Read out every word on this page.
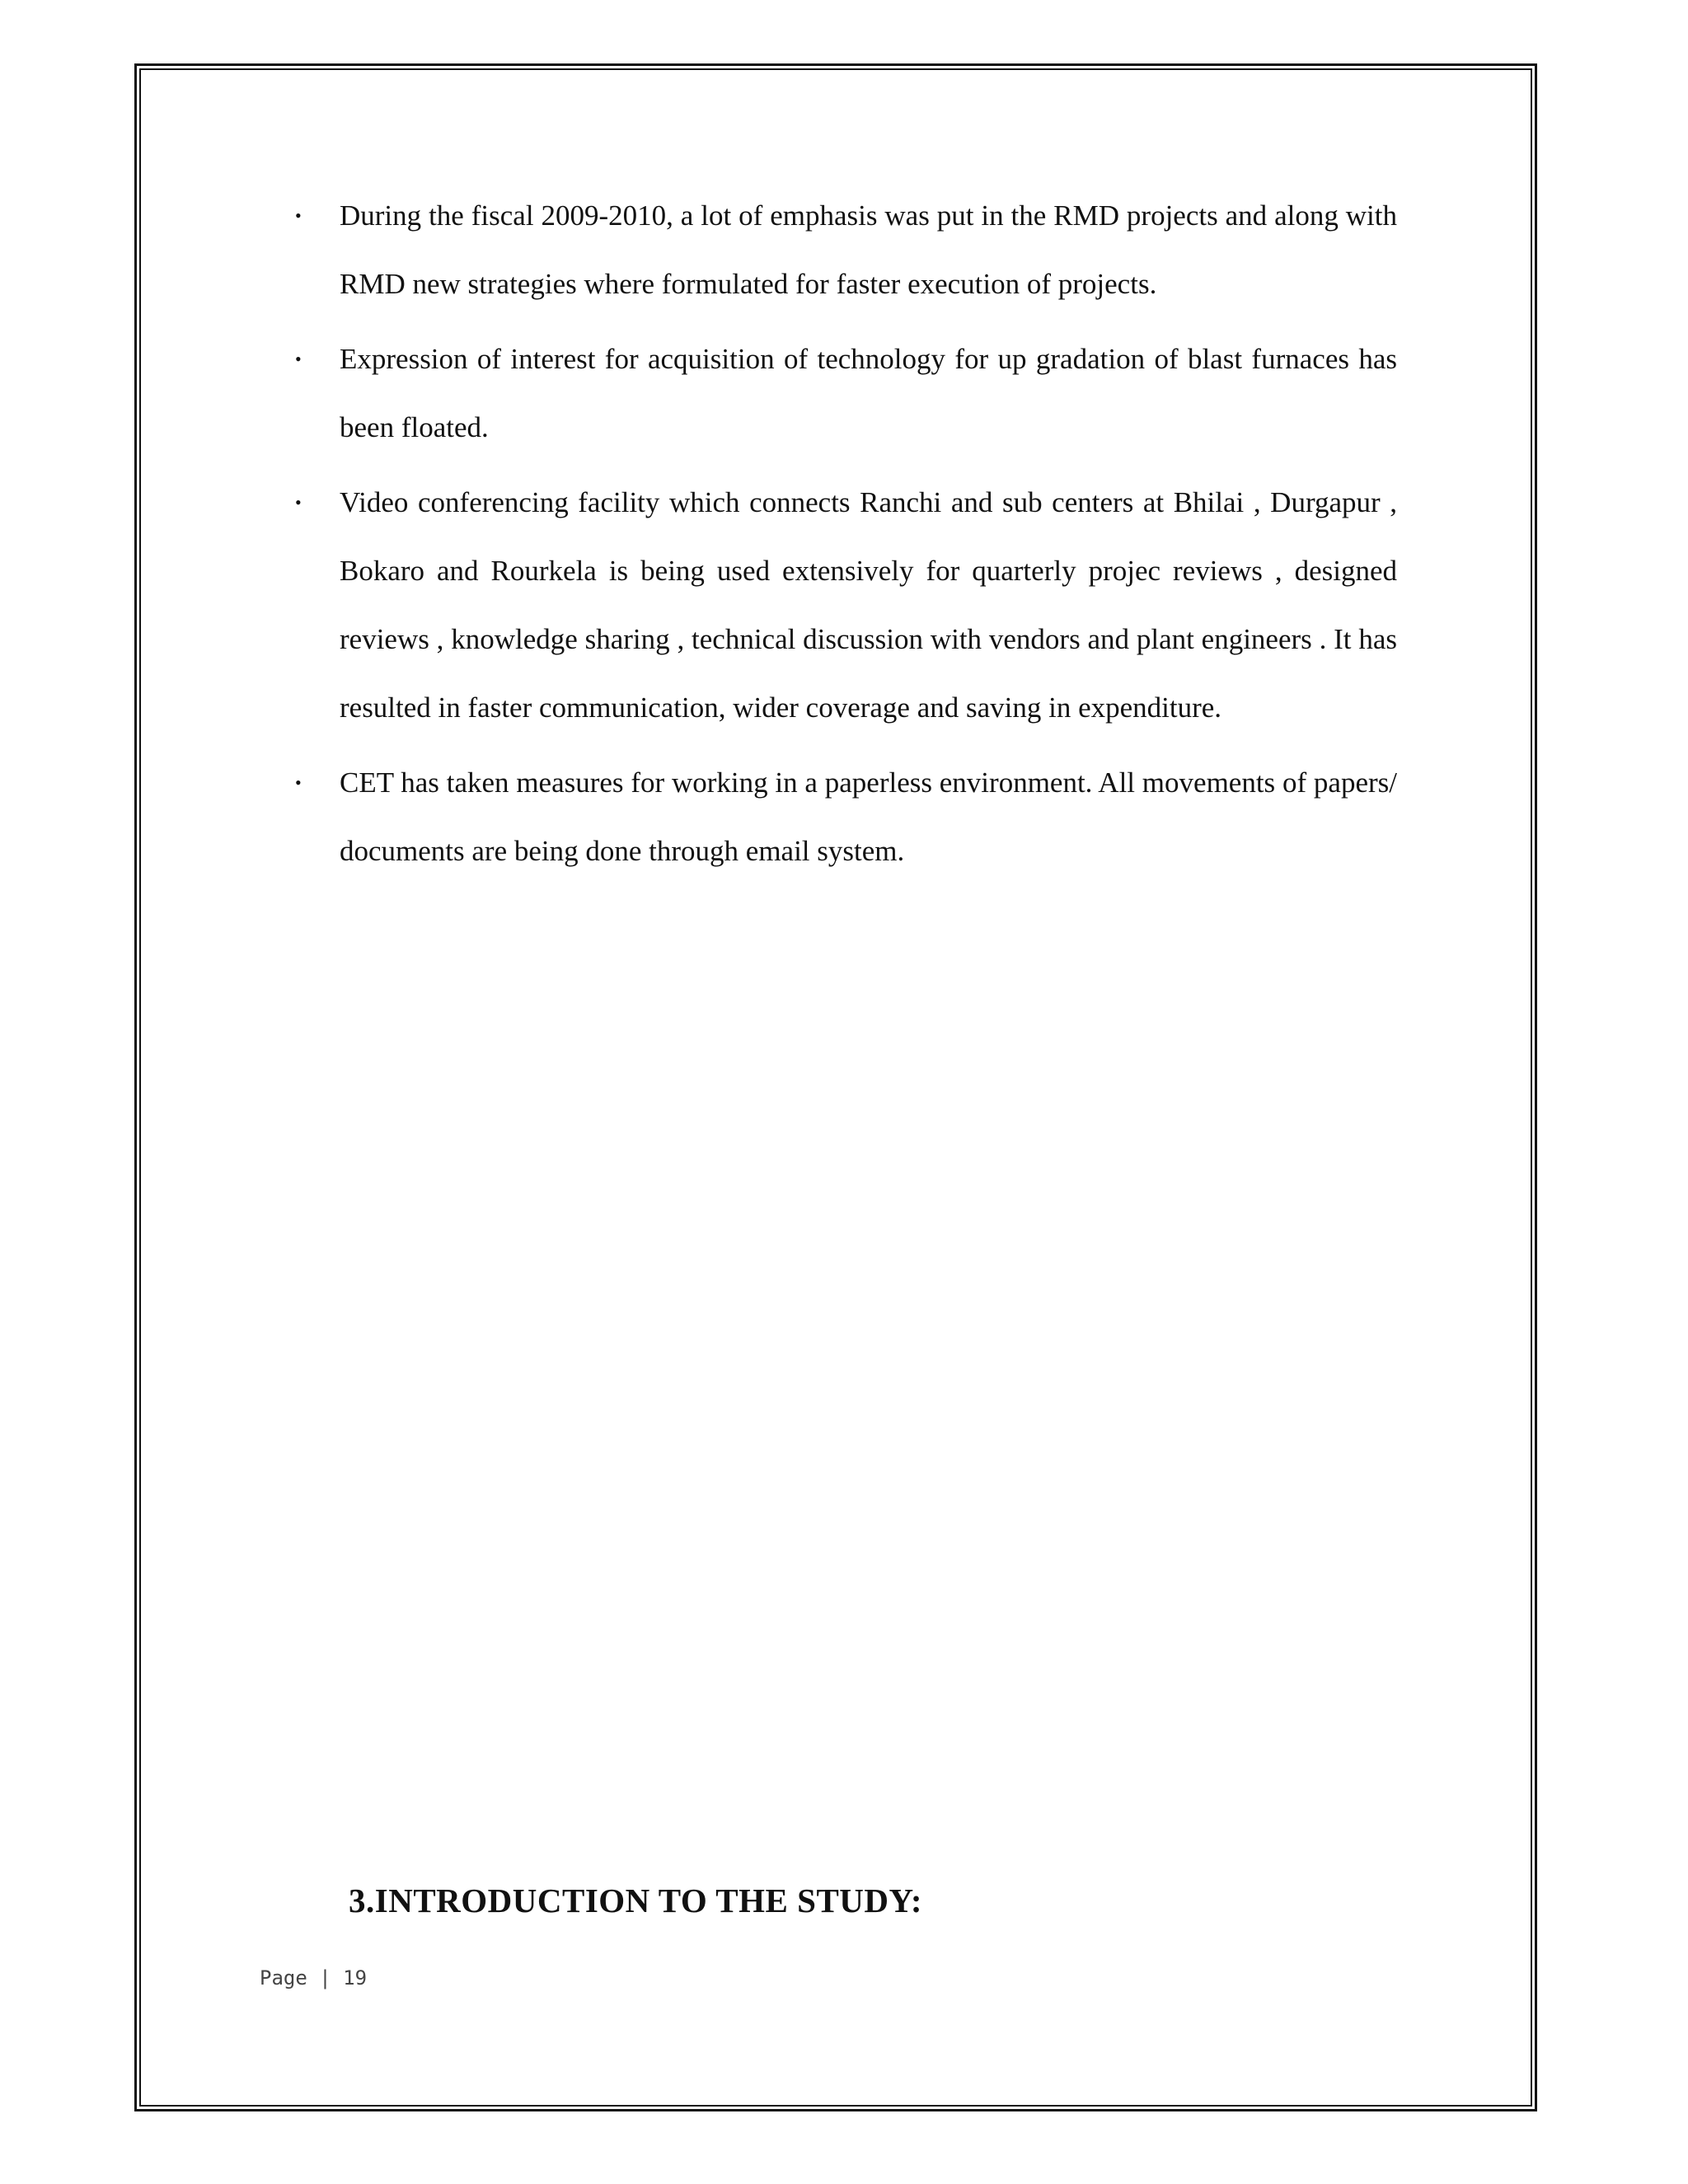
• During the fiscal 2009-2010, a lot of emphasis was put in the RMD projects and along with RMD new strategies where formulated for faster execution of projects.
• Expression of interest for acquisition of technology for up gradation of blast furnaces has been floated.
• Video conferencing facility which connects Ranchi and sub centers at Bhilai , Durgapur , Bokaro and Rourkela is being used extensively for quarterly projec reviews , designed reviews , knowledge sharing , technical discussion with vendors and plant engineers . It has resulted in faster communication, wider coverage and saving in expenditure.
• CET has taken measures for working in a paperless environment. All movements of papers/ documents are being done through email system.
3.INTRODUCTION TO THE STUDY:
Page | 19
